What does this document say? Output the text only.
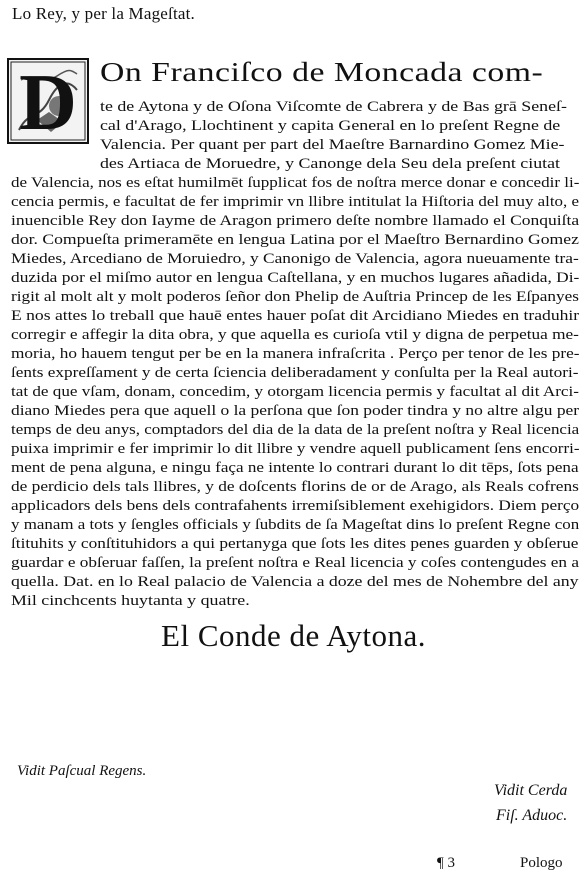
Lo Rey, y per la Mageſtat.
D On Franciſco de Moncada com-
te de Aytona y de Oſona Viſcomte de Cabrera y de Bas grā Seneſ-
cal d'Arago, Llochtinent y capita General en lo preſent Regne de
Valencia. Per quant per part del Maeſtre Barnardino Gomez Mie-
des Artiaca de Moruedre, y Canonge dela Seu dela preſent ciutat
de Valencia, nos es eſtat humilmēt ſupplicat fos de noſtra merce donar e concedir li-
cencia permis, e facultat de fer imprimir vn llibre intitulat la Hiſtoria del muy alto, e
inuencible Rey don Iayme de Aragon primero deſte nombre llamado el Conquiſta
dor. Compueſta primeramēte en lengua Latina por el Maeſtro Bernardino Gomez
Miedes, Arcediano de Moruiedro, y Canonigo de Valencia, agora nueuamente tra-
duzida por el miſmo autor en lengua Caſtellana, y en muchos lugares añadida, Di-
rigit al molt alt y molt poderos ſeñor don Phelip de Auſtria Princep de les Eſpanyes
E nos attes lo treball que hauē entes hauer poſat dit Arcidiano Miedes en traduhir
corregir e affegir la dita obra, y que aquella es curioſa vtil y digna de perpetua me-
moria, ho hauem tengut per be en la manera infraſcrita . Perço per tenor de les pre-
ſents expreſſament y de certa ſciencia deliberadament y conſulta per la Real autori-
tat de que vſam, donam, concedim, y otorgam licencia permis y facultat al dit Arci-
diano Miedes pera que aquell o la perſona que ſon poder tindra y no altre algu per
temps de deu anys, comptadors del dia de la data de la preſent noſtra y Real licencia
puixa imprimir e fer imprimir lo dit llibre y vendre aquell publicament ſens encorri-
ment de pena alguna, e ningu faça ne intente lo contrari durant lo dit tēps, ſots pena
de perdicio dels tals llibres, y de doſcents florins de or de Arago, als Reals cofrens
applicadors dels bens dels contrafahents irremiſsiblement exehigidors. Diem perço
y manam a tots y ſengles officials y ſubdits de ſa Mageſtat dins lo preſent Regne con
ſtituhits y conſtituhidors a qui pertanyga que ſots les dites penes guarden y obſerue
guardar e obſeruar faſſen, la preſent noſtra e Real licencia y coſes contengudes en a
quella. Dat. en lo Real palacio de Valencia a doze del mes de Nohembre del any
Mil cinchcents huytanta y quatre.
El Conde de Aytona.
Vidit Paſcual Regens.
Vidit Cerda
Fiſ. Aduoc.
¶ 3	Pologo
